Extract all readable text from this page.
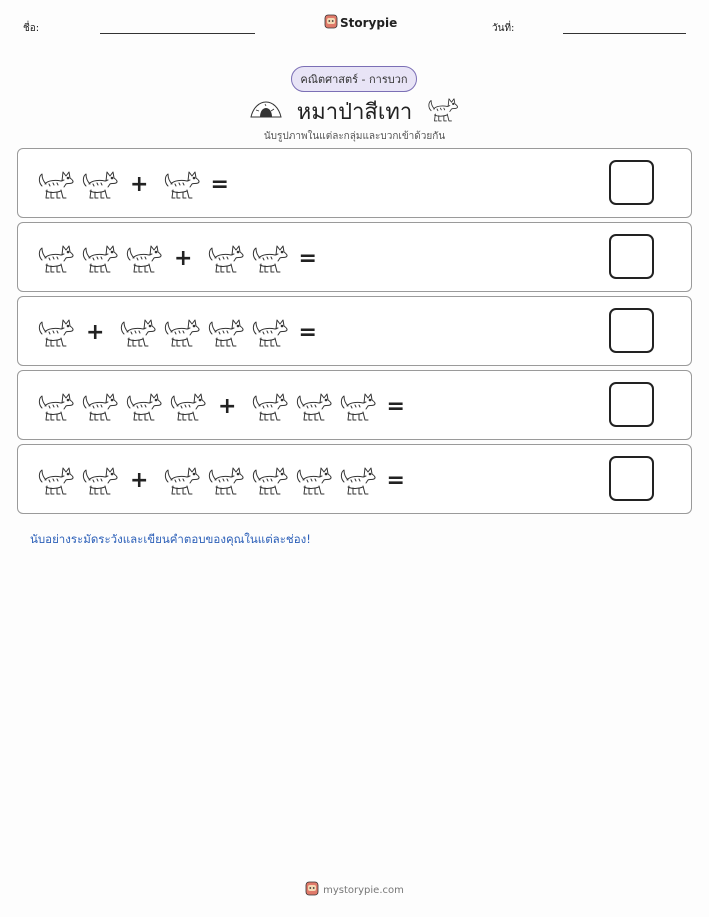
ชื่อ:	Storypie	วันที่:
คณิตศาสตร์ - การบวก
หมาป่าสีเทา
นับรูปภาพในแต่ละกลุ่มและบวกเข้าด้วยกัน
+	=
+	=
+	=
+	=
+	=
นับอย่างระมัดระวังและเขียนคำตอบของคุณในแต่ละช่อง!
mystorypie.com
